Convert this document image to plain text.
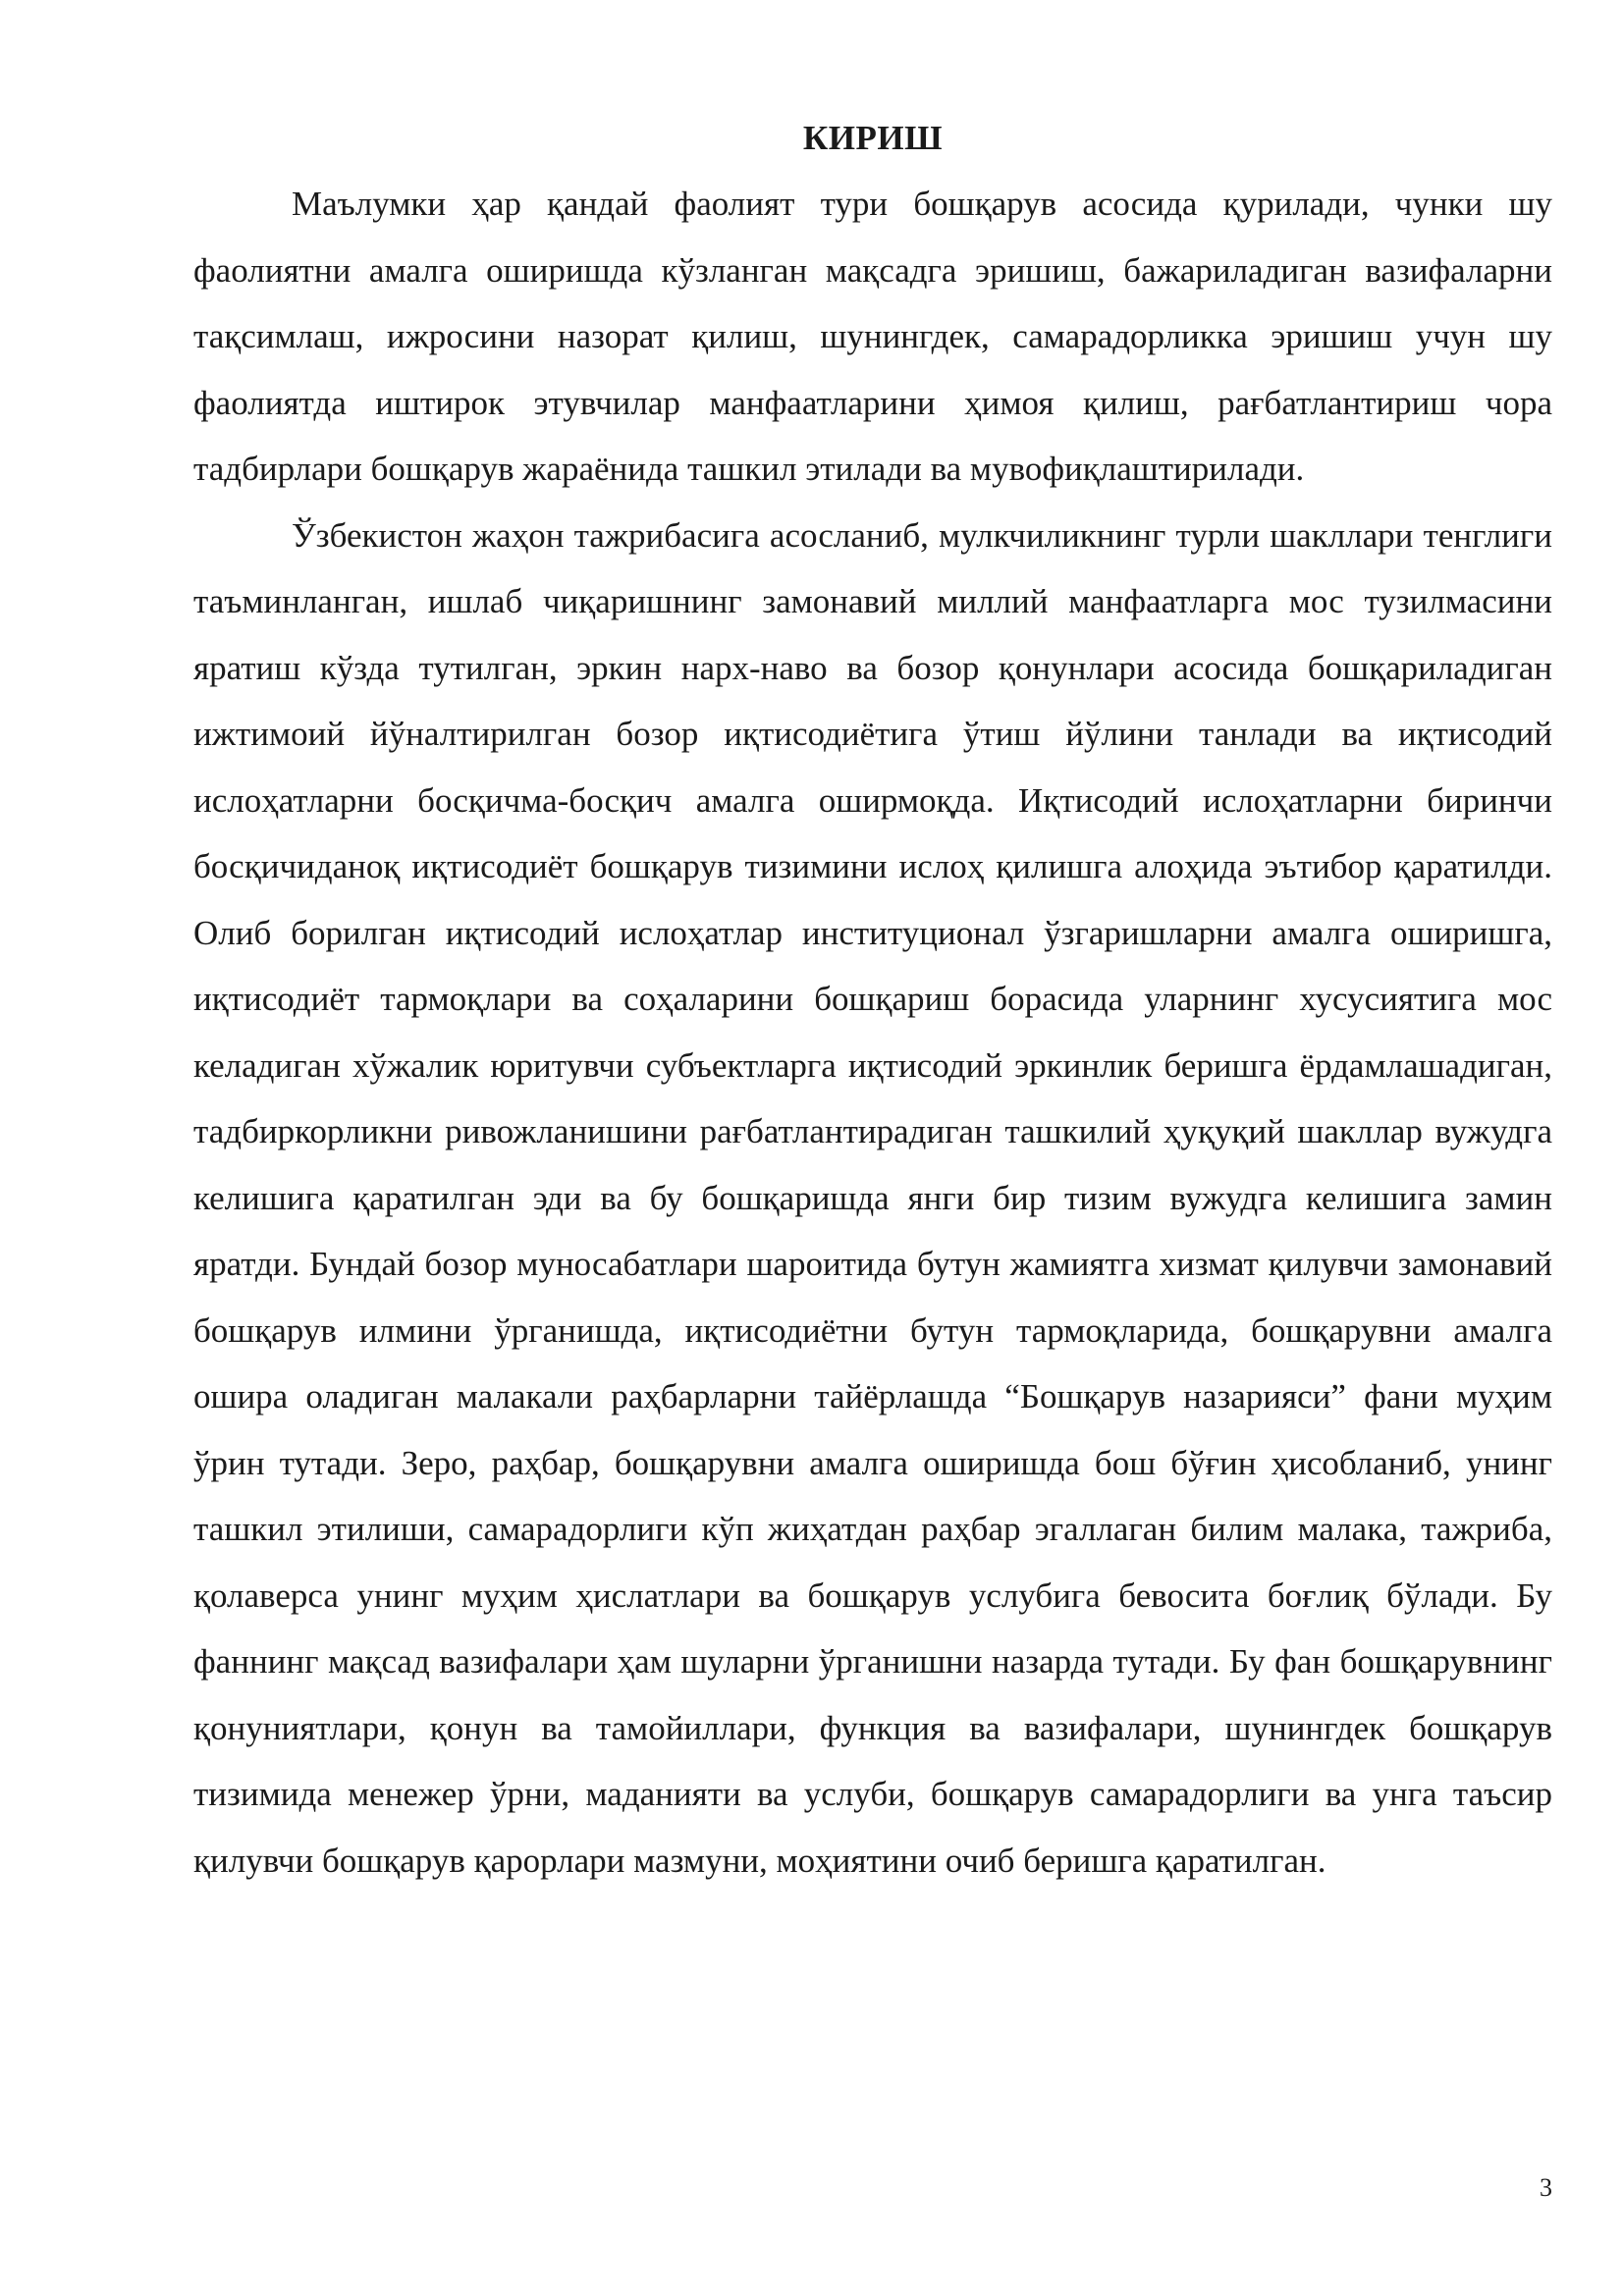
КИРИШ

Маълумки ҳар қандай фаолият тури бошқарув асосида қурилади, чунки шу фаолиятни амалга оширишда кўзланган мақсадга эришиш, бажариладиган вазифаларни тақсимлаш, ижросини назорат қилиш, шунингдек, самарадорликка эришиш учун шу фаолиятда иштирок этувчилар манфаатларини ҳимоя қилиш, рағбатлантириш чора тадбирлари бошқарув жараёнида ташкил этилади ва мувофиқлаштирилади.

Ўзбекистон жаҳон тажрибасига асосланиб, мулкчиликнинг турли шакллари тенглиги таъминланган, ишлаб чиқаришнинг замонавий миллий манфаатларга мос тузилмасини яратиш кўзда тутилган, эркин нарх-наво ва бозор қонунлари асосида бошқариладиган ижтимоий йўналтирилган бозор иқтисодиётига ўтиш йўлини танлади ва иқтисодий ислоҳатларни босқичма-босқич амалга оширмоқда. Иқтисодий ислоҳатларни биринчи босқичиданоқ иқтисодиёт бошқарув тизимини ислоҳ қилишга алоҳида эътибор қаратилди. Олиб борилган иқтисодий ислоҳатлар институционал ўзгаришларни амалга оширишга, иқтисодиёт тармоқлари ва соҳаларини бошқариш борасида уларнинг хусусиятига мос келадиган хўжалик юритувчи субъектларга иқтисодий эркинлик беришга ёрдамлашадиган, тадбиркорликни ривожланишини рағбатлантирадиган ташкилий ҳуқуқий шакллар вужудга келишига қаратилган эди ва бу бошқаришда янги бир тизим вужудга келишига замин яратди. Бундай бозор муносабатлари шароитида бутун жамиятга хизмат қилувчи замонавий бошқарув илмини ўрганишда, иқтисодиётни бутун тармоқларида, бошқарувни амалга ошира оладиган малакали раҳбарларни тайёрлашда “Бошқарув назарияси” фани муҳим ўрин тутади. Зеро, раҳбар, бошқарувни амалга оширишда бош бўғин ҳисобланиб, унинг ташкил этилиши, самарадорлиги кўп жиҳатдан раҳбар эгаллаган билим малака, тажриба, қолаверса унинг муҳим ҳислатлари ва бошқарув услубига бевосита боғлиқ бўлади. Бу фаннинг мақсад вазифалари ҳам шуларни ўрганишни назарда тутади. Бу фан бошқарувнинг қонуниятлари, қонун ва тамойиллари, функция ва вазифалари, шунингдек бошқарув тизимида менежер ўрни, маданияти ва услуби, бошқарув самарадорлиги ва унга таъсир қилувчи бошқарув қарорлари мазмуни, моҳиятини очиб беришга қаратилган.

3
